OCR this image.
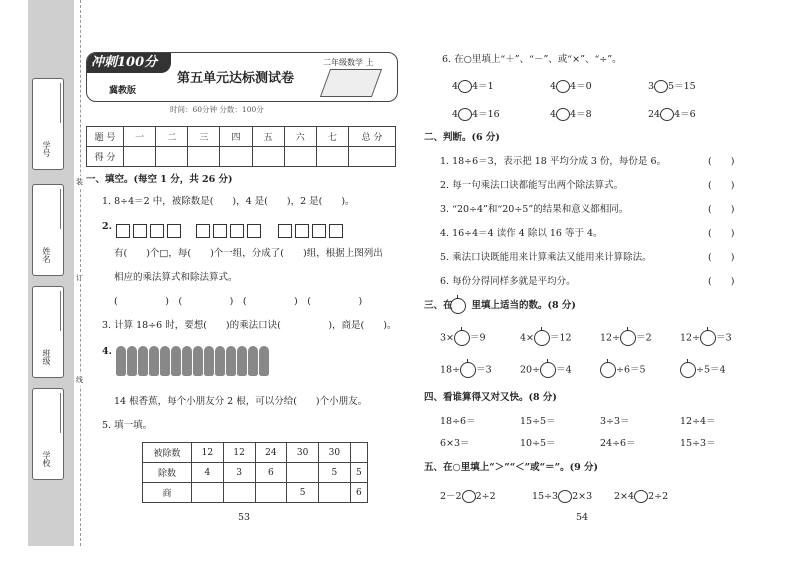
学号
姓名
班级
学校
装
订
线
冲刺100分	二年级数学 上
第五单元达标测试卷
冀教版
时间：60分钟 分数：100分
题 号	一	二	三	四	五	六	七	总 分
得 分								
一、填空。(每空 1 分，共 26 分)
1. 8÷4＝2 中，被除数是(　　)，4 是(　　)，2 是(　　)。
2.
有(　　)个□，每(　　)个一组，分成了(　　)组，根据上图列出
相应的乘法算式和除法算式。
(　　　　　)　(　　　　　)　(　　　　　)　(　　　　　)
3. 计算 18÷6 时，要想(　　)的乘法口诀(　　　　　)，商是(　　)。
4.
14 根香蕉，每个小朋友分 2 根，可以分给(　　)个小朋友。
5. 填一填。
被除数	12	12	24	30	30	
除数	4	3	6		5	5
商				5		6
53	54
6. 在○里填上“＋”、“－”、或“×”、“÷”。
4 4＝1	4 4＝0	3 5＝15
4 4＝16	4 4＝8	24 4＝6
二、判断。(6 分)
1. 18÷6＝3，表示把 18 平均分成 3 份，每份是 6。	(　　)
2. 每一句乘法口诀都能写出两个除法算式。	(　　)
3. “20÷4”和“20÷5”的结果和意义都相同。	(　　)
4. 16÷4＝4 读作 4 除以 16 等于 4。	(　　)
5. 乘法口诀既能用来计算乘法又能用来计算除法。	(　　)
6. 每份分得同样多就是平均分。	(　　)
三、在　　里填上适当的数。(8 分)
3× ＝9	4× ＝12	12÷ ＝2	12÷ ＝3
18÷ ＝3	20÷ ＝4	÷6＝5	÷5＝4
四、看谁算得又对又快。(8 分)
18÷6＝	15÷5＝	3÷3＝	12÷4＝
6×3＝	10÷5＝	24÷6＝	15÷3＝
五、在○里填上“＞”“＜”或“＝”。(9 分)
2－2 2÷2	15÷3 2×3 2×4 2÷2
